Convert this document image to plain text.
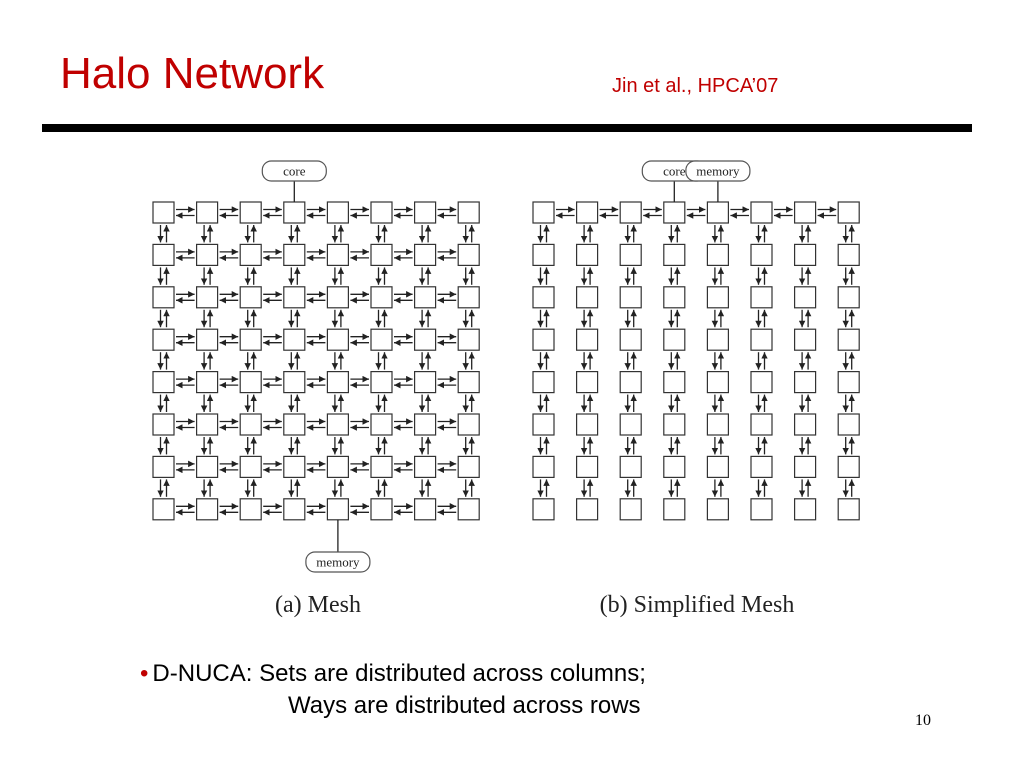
Halo Network	Jin et al., HPCA’07
core
memory
(a) Mesh
core memory
(b) Simplified Mesh
• D-NUCA: Sets are distributed across columns;
Ways are distributed across rows
10
